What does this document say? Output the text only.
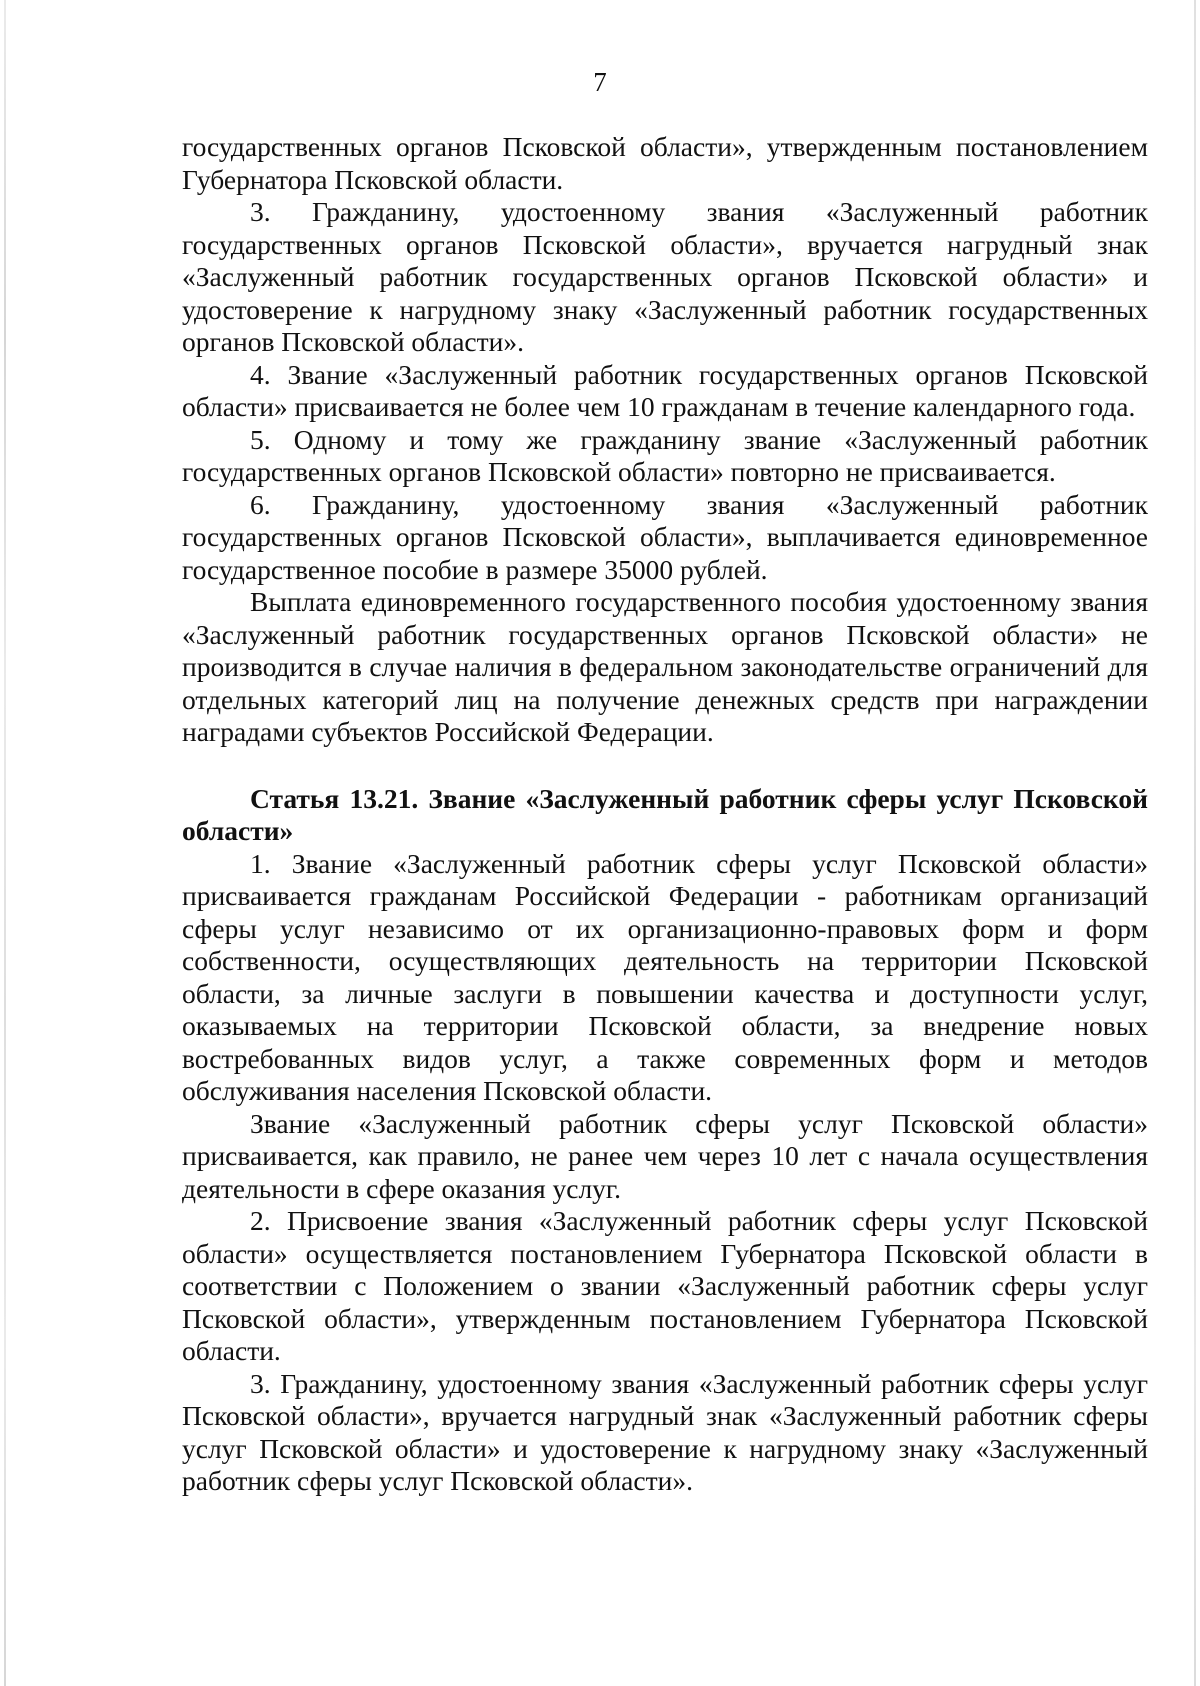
7

государственных органов Псковской области», утвержденным постановлением Губернатора Псковской области.

3. Гражданину, удостоенному звания «Заслуженный работник государственных органов Псковской области», вручается нагрудный знак «Заслуженный работник государственных органов Псковской области» и удостоверение к нагрудному знаку «Заслуженный работник государственных органов Псковской области».

4. Звание «Заслуженный работник государственных органов Псковской области» присваивается не более чем 10 гражданам в течение календарного года.

5. Одному и тому же гражданину звание «Заслуженный работник государственных органов Псковской области» повторно не присваивается.

6. Гражданину, удостоенному звания «Заслуженный работник государственных органов Псковской области», выплачивается единовременное государственное пособие в размере 35000 рублей.

Выплата единовременного государственного пособия удостоенному звания «Заслуженный работник государственных органов Псковской области» не производится в случае наличия в федеральном законодательстве ограничений для отдельных категорий лиц на получение денежных средств при награждении наградами субъектов Российской Федерации.

Статья 13.21. Звание «Заслуженный работник сферы услуг Псковской области»

1. Звание «Заслуженный работник сферы услуг Псковской области» присваивается гражданам Российской Федерации - работникам организаций сферы услуг независимо от их организационно-правовых форм и форм собственности, осуществляющих деятельность на территории Псковской области, за личные заслуги в повышении качества и доступности услуг, оказываемых на территории Псковской области, за внедрение новых востребованных видов услуг, а также современных форм и методов обслуживания населения Псковской области.

Звание «Заслуженный работник сферы услуг Псковской области» присваивается, как правило, не ранее чем через 10 лет с начала осуществления деятельности в сфере оказания услуг.

2. Присвоение звания «Заслуженный работник сферы услуг Псковской области» осуществляется постановлением Губернатора Псковской области в соответствии с Положением о звании «Заслуженный работник сферы услуг Псковской области», утвержденным постановлением Губернатора Псковской области.

3. Гражданину, удостоенному звания «Заслуженный работник сферы услуг Псковской области», вручается нагрудный знак «Заслуженный работник сферы услуг Псковской области» и удостоверение к нагрудному знаку «Заслуженный работник сферы услуг Псковской области».
